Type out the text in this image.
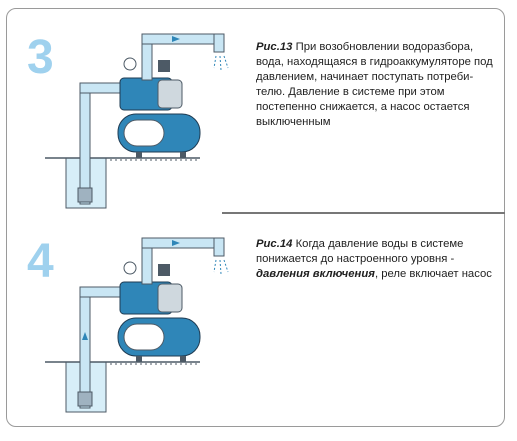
3	Рис.13 При возобновлении водоразбора,
вода, находящаяся в гидроаккумуляторе под
давлением, начинает поступать потреби-
телю. Давление в системе при этом
постепенно снижается, а насос остается
выключенным
4	Рис.14 Когда давление воды в системе
понижается до настроенного уровня -
давления включения, реле включает насос
